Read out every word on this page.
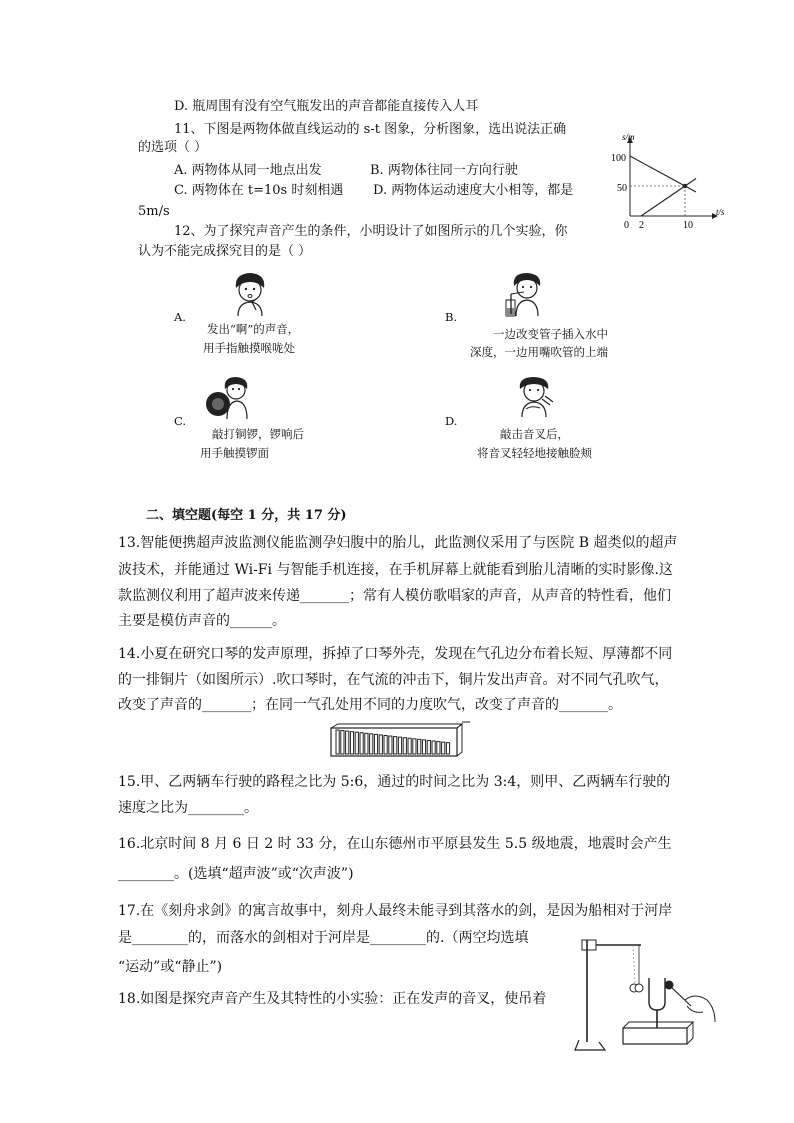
D. 瓶周围有没有空气瓶发出的声音都能直接传入人耳
11、下图是两物体做直线运动的 s-t 图象，分析图象，选出说法正确
的选项（ ）
A. 两物体从同一地点出发	B. 两物体往同一方向行驶
C. 两物体在 t=10s 时刻相遇 D. 两物体运动速度大小相等，都是
5m/s
s/m
t/s
0 2	10
50
100
12、为了探究声音产生的条件，小明设计了如图所示的几个实验，你
认为不能完成探究目的是（ ）
A.
发出“啊”的声音，
用手指触摸喉咙处
B.
一边改变管子插入水中
深度，一边用嘴吹管的上端
C.
敲打铜锣，锣响后
用手触摸锣面
D.
敲击音叉后，
将音叉轻轻地接触脸颊
二、填空题(每空 1 分，共 17 分)
13.智能便携超声波监测仪能监测孕妇腹中的胎儿，此监测仪采用了与医院 B 超类似的超声
波技术，并能通过 Wi-Fi 与智能手机连接，在手机屏幕上就能看到胎儿清晰的实时影像.这
款监测仪利用了超声波来传递_______；常有人模仿歌唱家的声音，从声音的特性看，他们
主要是模仿声音的______。
14.小夏在研究口琴的发声原理，拆掉了口琴外壳，发现在气孔边分布着长短、厚薄都不同
的一排铜片（如图所示）.吹口琴时，在气流的冲击下，铜片发出声音。对不同气孔吹气，
改变了声音的_______；在同一气孔处用不同的力度吹气，改变了声音的_______。
15.甲、乙两辆车行驶的路程之比为 5:6，通过的时间之比为 3:4，则甲、乙两辆车行驶的
速度之比为________。
16.北京时间 8 月 6 日 2 时 33 分，在山东德州市平原县发生 5.5 级地震，地震时会产生
________。(选填“超声波”或“次声波”)
17.在《刻舟求剑》的寓言故事中，刻舟人最终未能寻到其落水的剑，是因为船相对于河岸
是________的，而落水的剑相对于河岸是________的.（两空均选填
“运动”或“静止”)
18.如图是探究声音产生及其特性的小实验：正在发声的音叉，使吊着
